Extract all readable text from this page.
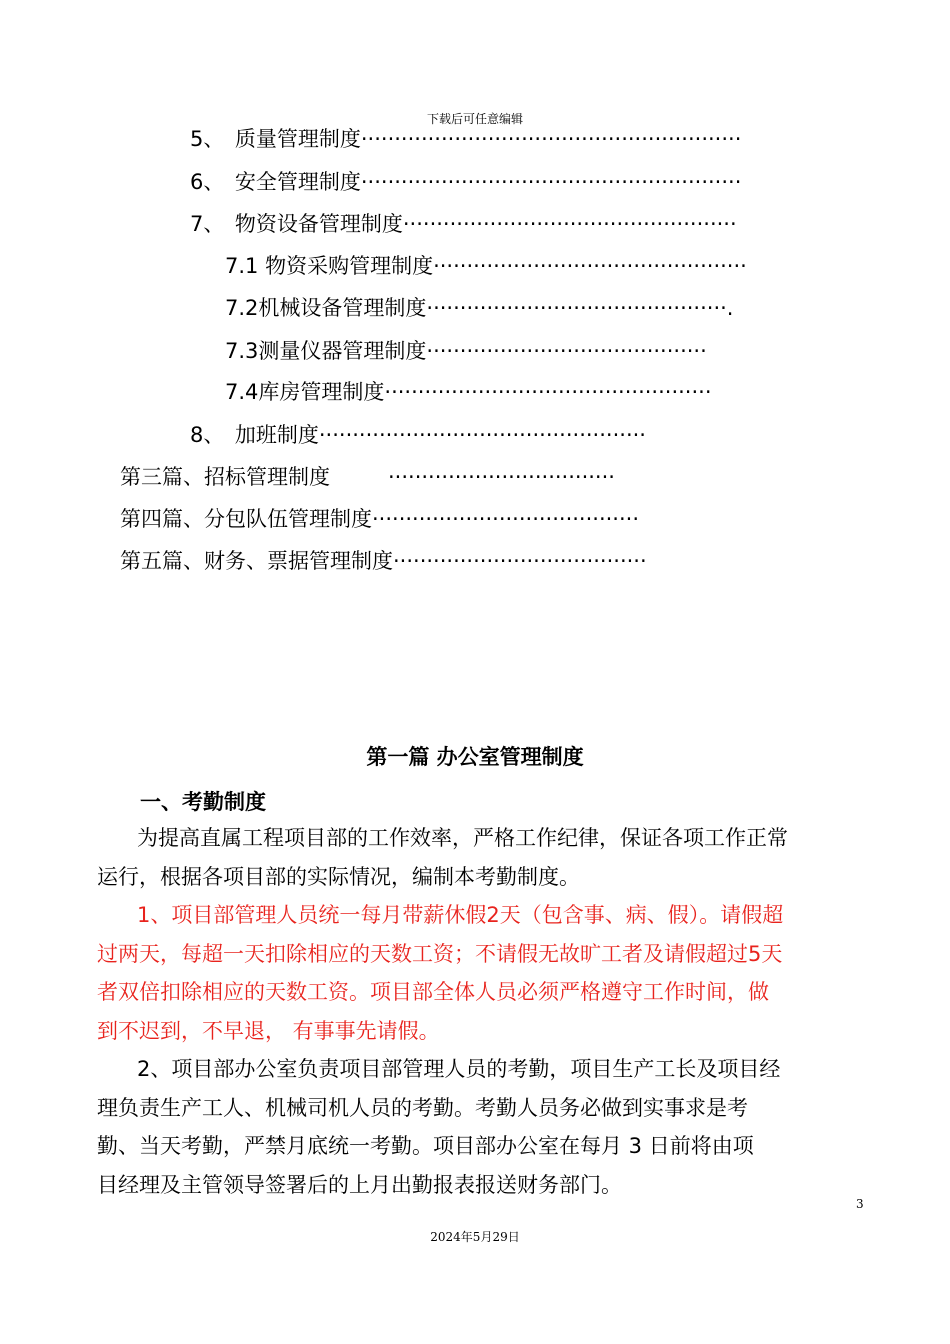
下载后可任意编辑
5、　质量管理制度·························································
6、　安全管理制度·························································
7、　物资设备管理制度··················································
7.1 物资采购管理制度···············································
7.2机械设备管理制度·············································.
7.3测量仪器管理制度··········································
7.4库房管理制度·················································
8、　加班制度·················································
第三篇、招标管理制度	··································
第四篇、分包队伍管理制度········································
第五篇、财务、票据管理制度······································
第一篇 办公室管理制度
一、考勤制度
为提高直属工程项目部的工作效率，严格工作纪律，保证各项工作正常
运行，根据各项目部的实际情况，编制本考勤制度。
1、项目部管理人员统一每月带薪休假2天（包含事、病、假）。请假超
过两天，每超一天扣除相应的天数工资；不请假无故旷工者及请假超过5天
者双倍扣除相应的天数工资。项目部全体人员必须严格遵守工作时间，做
到不迟到，不早退， 有事事先请假。
2、项目部办公室负责项目部管理人员的考勤，项目生产工长及项目经
理负责生产工人、机械司机人员的考勤。考勤人员务必做到实事求是考
勤、当天考勤，严禁月底统一考勤。项目部办公室在每月 3 日前将由项
目经理及主管领导签署后的上月出勤报表报送财务部门。
3
2024年5月29日
